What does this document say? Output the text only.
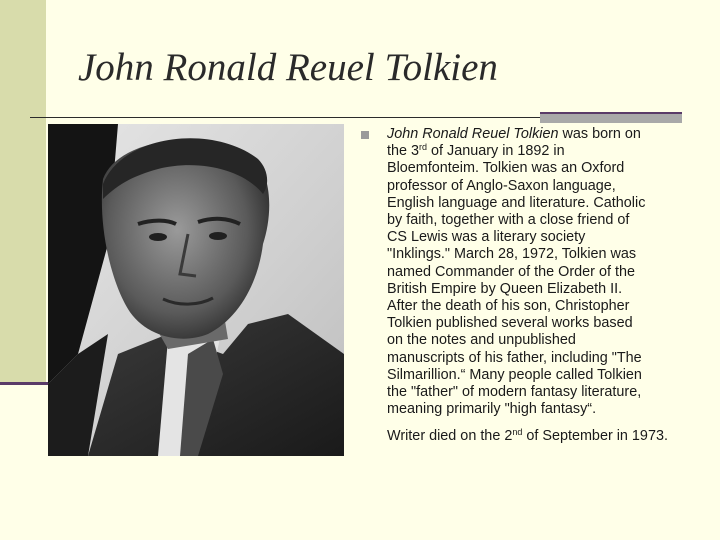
John Ronald Reuel Tolkien

John Ronald Reuel Tolkien was born on
the 3rd of January in 1892 in
Bloemfonteim. Tolkien was an Oxford
professor of Anglo-Saxon language,
English language and literature. Catholic
by faith, together with a close friend of
CS Lewis was a literary society
"Inklings." March 28, 1972, Tolkien was
named Commander of the Order of the
British Empire by Queen Elizabeth II.
After the death of his son, Christopher
Tolkien published several works based
on the notes and unpublished
manuscripts of his father, including "The
Silmarillion.“ Many people called Tolkien
the "father" of modern fantasy literature,
meaning primarily "high fantasy“.

Writer died on the 2nd of September in 1973.
